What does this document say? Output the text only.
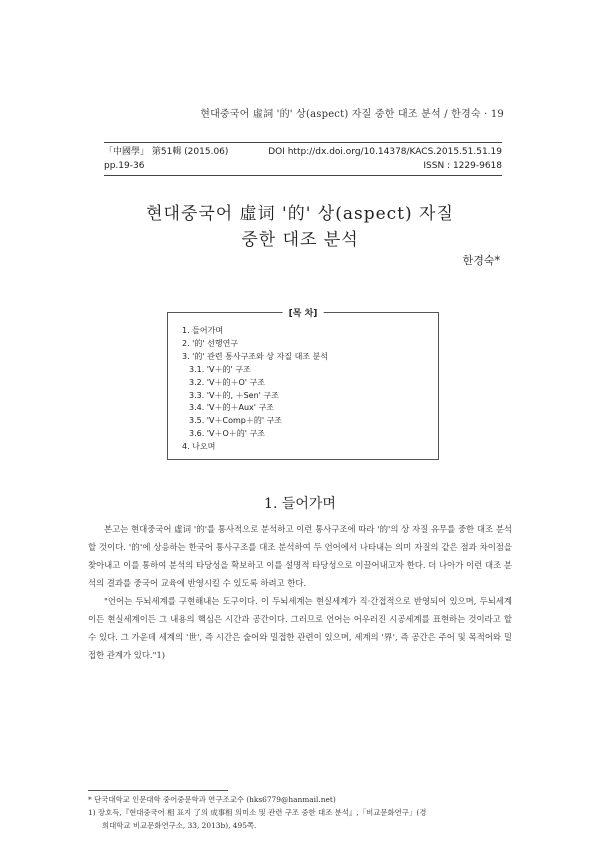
현대중국어 虛詞 '的' 상(aspect) 자질 중한 대조 분석 / 한경숙 · 19
「中國學」 第51輯 (2015.06)	DOI http://dx.doi.org/10.14378/KACS.2015.51.51.19
pp.19-36	ISSN : 1229-9618
현대중국어 虛词 '的' 상(aspect) 자질
중한 대조 분석
한경숙*
[목 차]
1. 들어가며
2. '的' 선행연구
3. '的' 관련 통사구조와 상 자질 대조 분석
3.1. 'V＋的' 구조
3.2. 'V＋的＋O' 구조
3.3. 'V＋的, ＋Sen' 구조
3.4. 'V＋的＋Aux' 구조
3.5. 'V＋Comp＋的' 구조
3.6. 'V＋O＋的' 구조
4. 나오며
1. 들어가며

본고는 현대중국어 虛词 '的'를 통사적으로 분석하고 이런 통사구조에 따라 '的'의 상 자질 유무를 중한 대조 분석할 것이다. '的'에 상응하는 한국어 통사구조를 대조 분석하여 두 언어에서 나타내는 의미 자질의 같은 점과 차이점을 찾아내고 이를 통하여 분석의 타당성을 확보하고 이를 설명적 타당성으로 이끌어내고자 한다. 더 나아가 이런 대조 분석의 결과를 중국어 교육에 반영시킬 수 있도록 하려고 한다.

"언어는 두뇌세계를 구현해내는 도구이다. 이 두뇌세계는 현실세계가 직·간접적으로 반영되어 있으며, 두뇌세계이든 현실세계이든 그 내용의 핵심은 시간과 공간이다. 그러므로 언어는 어우러진 시공세계를 표현하는 것이라고 할 수 있다. 그 가운데 세계의 '世', 즉 시간은 술어와 밀접한 관련이 있으며, 세계의 '界', 즉 공간은 주어 및 목적어와 밀접한 관계가 있다."1)

* 단국대학교 인문대학 중어중문학과 연구조교수 (hks6779@hanmail.net)

1) 장호득,『현대중국어 相 표지 了의 成事相 의미소 및 관련 구조 중한 대조 분석』,「비교문화연구」(경

희대학교 비교문화연구소, 33, 2013b), 495쪽.
